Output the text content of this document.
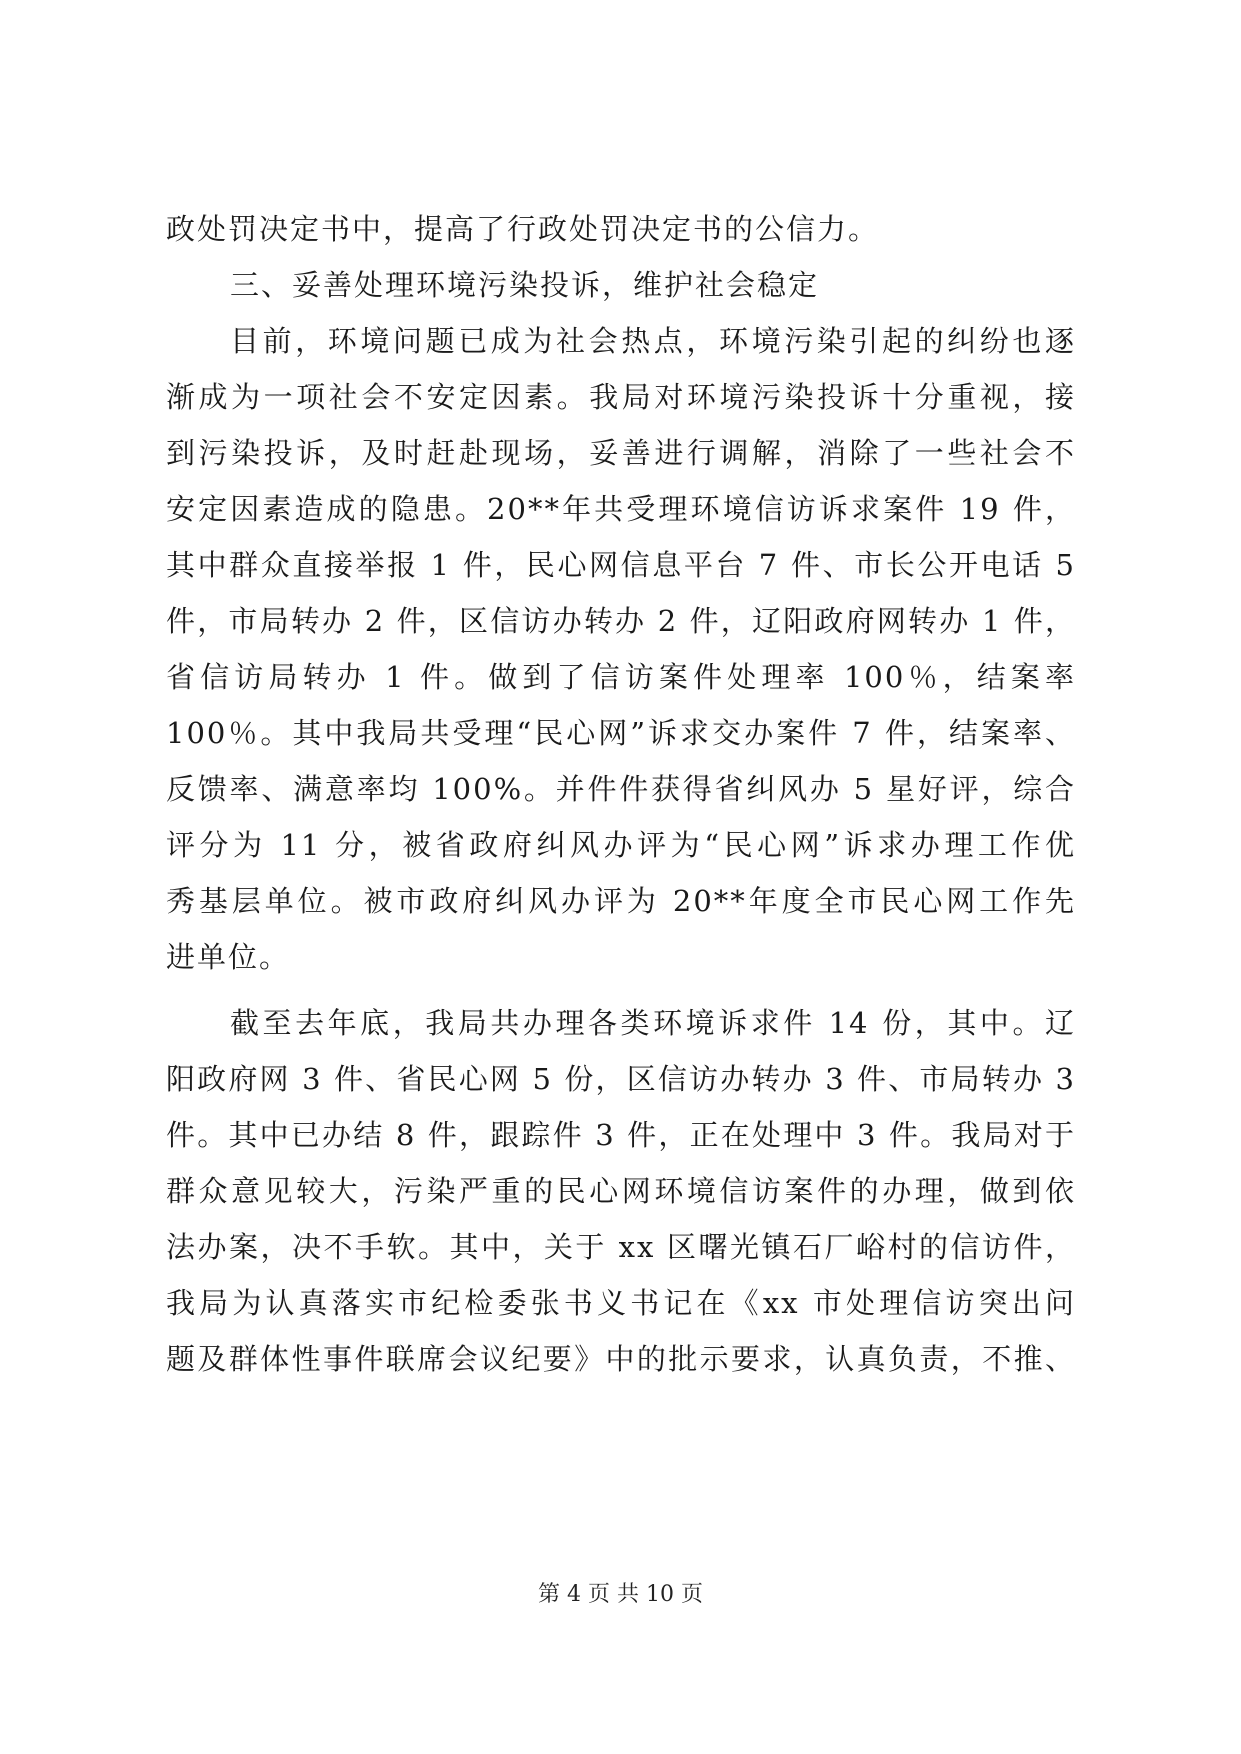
政处罚决定书中，提高了行政处罚决定书的公信力。
三、妥善处理环境污染投诉，维护社会稳定
目前，环境问题已成为社会热点，环境污染引起的纠纷也逐
渐成为一项社会不安定因素。我局对环境污染投诉十分重视，接
到污染投诉，及时赶赴现场，妥善进行调解，消除了一些社会不
安定因素造成的隐患。20**年共受理环境信访诉求案件 19 件，
其中群众直接举报 1 件，民心网信息平台 7 件、市长公开电话 5
件，市局转办 2 件，区信访办转办 2 件，辽阳政府网转办 1 件，
省信访局转办 1 件。做到了信访案件处理率 100％，结案率
100％。其中我局共受理“民心网”诉求交办案件 7 件，结案率、
反馈率、满意率均 100%。并件件获得省纠风办 5 星好评，综合
评分为 11 分，被省政府纠风办评为“民心网”诉求办理工作优
秀基层单位。被市政府纠风办评为 20**年度全市民心网工作先
进单位。
截至去年底，我局共办理各类环境诉求件 14 份，其中。辽
阳政府网 3 件、省民心网 5 份，区信访办转办 3 件、市局转办 3
件。其中已办结 8 件，跟踪件 3 件，正在处理中 3 件。我局对于
群众意见较大，污染严重的民心网环境信访案件的办理，做到依
法办案，决不手软。其中，关于 xx 区曙光镇石厂峪村的信访件，
我局为认真落实市纪检委张书义书记在《xx 市处理信访突出问
题及群体性事件联席会议纪要》中的批示要求，认真负责，不推、
第 4 页 共 10 页
